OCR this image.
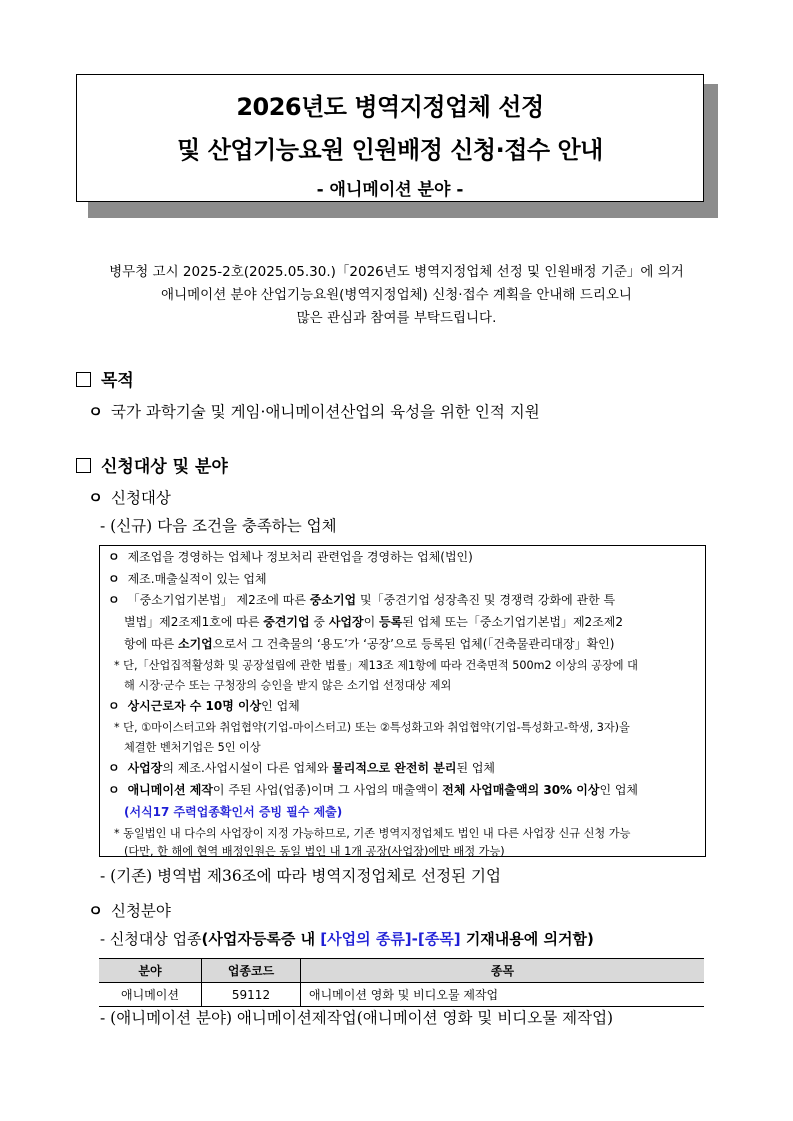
2026년도 병역지정업체 선정
및 산업기능요원 인원배정 신청·접수 안내
- 애니메이션 분야 -
병무청 고시 2025-2호(2025.05.30.)「2026년도 병역지정업체 선정 및 인원배정 기준」에 의거
애니메이션 분야 산업기능요원(병역지정업체) 신청·접수 계획을 안내해 드리오니
많은 관심과 참여를 부탁드립니다.
목적
ㅇ 국가 과학기술 및 게임·애니메이션산업의 육성을 위한 인적 지원
신청대상 및 분야
ㅇ 신청대상
- (신규) 다음 조건을 충족하는 업체
ㅇ 제조업을 경영하는 업체나 정보처리 관련업을 경영하는 업체(법인)
ㅇ 제조.매출실적이 있는 업체
ㅇ 「중소기업기본법」 제2조에 따른 중소기업 및「중견기업 성장촉진 및 경쟁력 강화에 관한 특
별법」제2조제1호에 따른 중견기업 중 사업장이 등록된 업체 또는「중소기업기본법」제2조제2
항에 따른 소기업으로서 그 건축물의 ‘용도’가 ‘공장’으로 등록된 업체(「건축물관리대장」확인)
* 단,「산업집적활성화 및 공장설립에 관한 법률」제13조 제1항에 따라 건축면적 500m2 이상의 공장에 대
해 시장·군수 또는 구청장의 승인을 받지 않은 소기업 선정대상 제외
ㅇ 상시근로자 수 10명 이상인 업체
* 단, ①마이스터고와 취업협약(기업-마이스터고) 또는 ②특성화고와 취업협약(기업-특성화고-학생, 3자)을
체결한 벤처기업은 5인 이상
ㅇ 사업장의 제조.사업시설이 다른 업체와 물리적으로 완전히 분리된 업체
ㅇ 애니메이션 제작이 주된 사업(업종)이며 그 사업의 매출액이 전체 사업매출액의 30% 이상인 업체
(서식17 주력업종확인서 증빙 필수 제출)
* 동일법인 내 다수의 사업장이 지정 가능하므로, 기존 병역지정업체도 법인 내 다른 사업장 신규 신청 가능
(다만, 한 해에 현역 배정인원은 동일 법인 내 1개 공장(사업장)에만 배정 가능)
- (기존) 병역법 제36조에 따라 병역지정업체로 선정된 기업
ㅇ 신청분야
- 신청대상 업종(사업자등록증 내 [사업의 종류]-[종목] 기재내용에 의거함)
분야	업종코드	종목
애니메이션	59112	애니메이션 영화 및 비디오물 제작업
- (애니메이션 분야) 애니메이션제작업(애니메이션 영화 및 비디오물 제작업)
